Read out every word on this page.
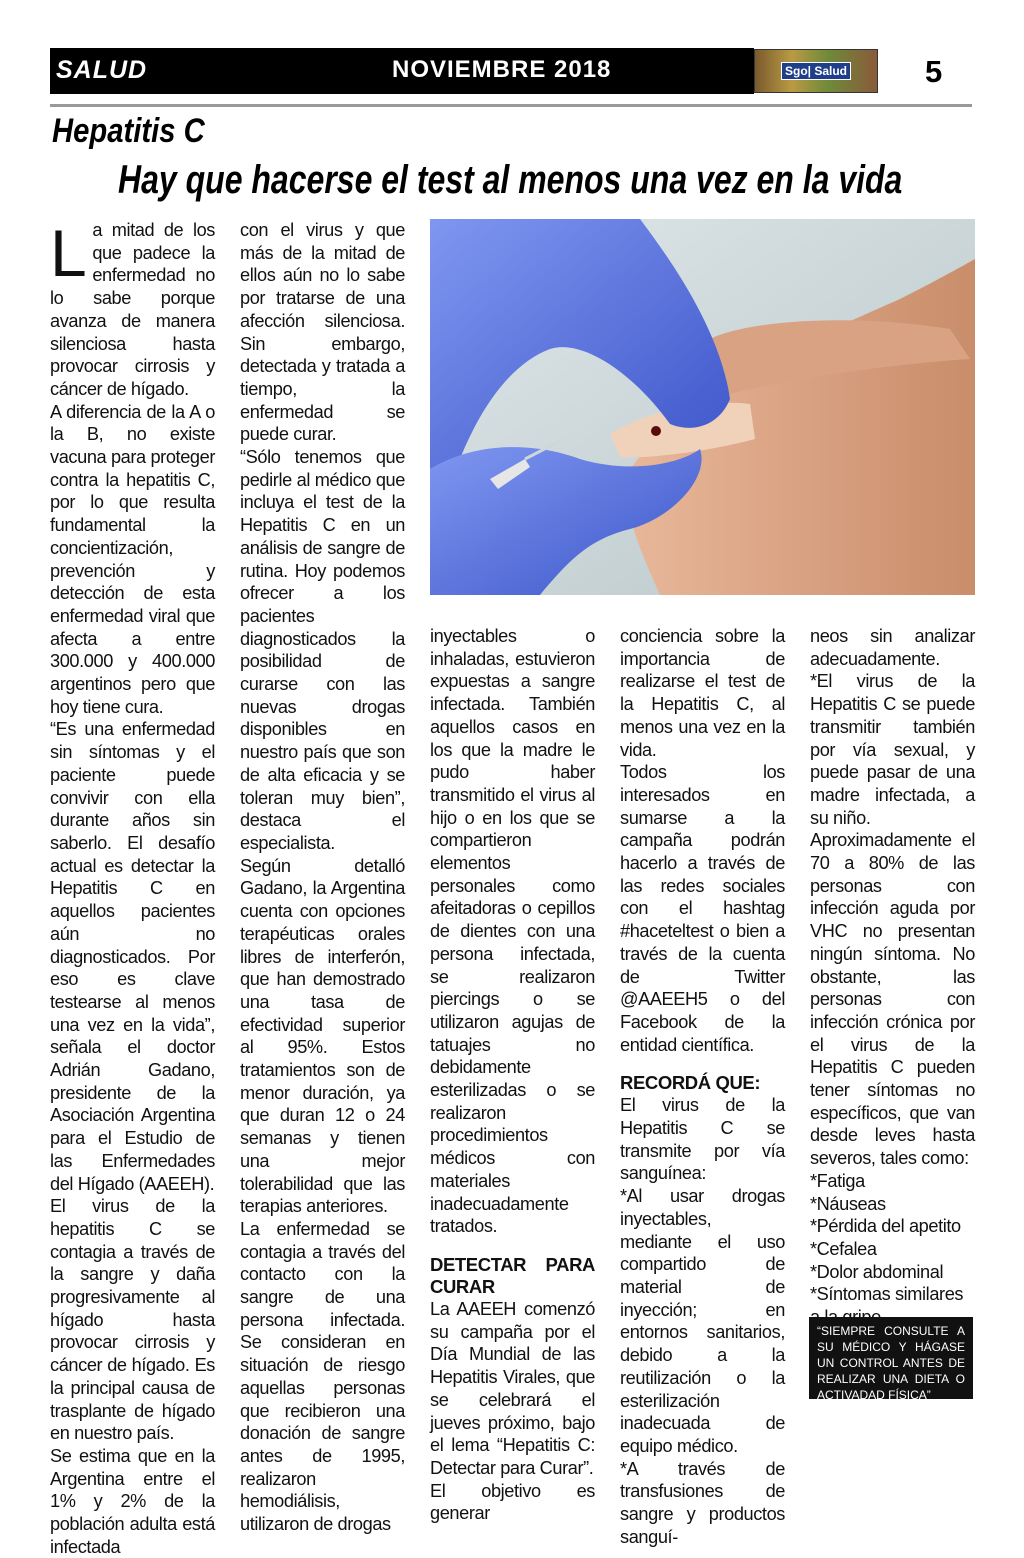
SALUD	NOVIEMBRE 2018	Sgo| Salud	5
Hepatitis C
Hay que hacerse el test al menos una vez en la vida
L a mitad de los que padece la enfermedad no lo sabe porque avanza de manera silenciosa hasta provocar cirrosis y cáncer de hígado.

A diferencia de la A o la B, no existe vacuna para proteger contra la hepatitis C, por lo que resulta fundamental la concientización, prevención y detección de esta enfermedad viral que afecta a entre 300.000 y 400.000 argentinos pero que hoy tiene cura.

“Es una enfermedad sin síntomas y el paciente puede convivir con ella durante años sin saberlo. El desafío actual es detectar la Hepatitis C en aquellos pacientes aún no diagnosticados. Por eso es clave testearse al menos una vez en la vida”, señala el doctor Adrián Gadano, presidente de la Asociación Argentina para el Estudio de las Enfermedades del Hígado (AAEEH).

El virus de la hepatitis C se contagia a través de la sangre y daña progresivamente al hígado hasta provocar cirrosis y cáncer de hígado. Es la principal causa de trasplante de hígado en nuestro país.

Se estima que en la Argentina entre el 1% y 2% de la población adulta está infectada

con el virus y que más de la mitad de ellos aún no lo sabe por tratarse de una afección silenciosa. Sin embargo, detectada y tratada a tiempo, la enfermedad se puede curar.

“Sólo tenemos que pedirle al médico que incluya el test de la Hepatitis C en un análisis de sangre de rutina. Hoy podemos ofrecer a los pacientes diagnosticados la posibilidad de curarse con las nuevas drogas disponibles en nuestro país que son de alta eficacia y se toleran muy bien”, destaca el especialista.

Según detalló Gadano, la Argentina cuenta con opciones terapéuticas orales libres de interferón, que han demostrado una tasa de efectividad superior al 95%. Estos tratamientos son de menor duración, ya que duran 12 o 24 semanas y tienen una mejor tolerabilidad que las terapias anteriores.

La enfermedad se contagia a través del contacto con la sangre de una persona infectada. Se consideran en situación de riesgo aquellas personas que recibieron una donación de sangre antes de 1995, realizaron hemodiálisis, utilizaron de drogas

inyectables o inhaladas, estuvieron expuestas a sangre infectada. También aquellos casos en los que la madre le pudo haber transmitido el virus al hijo o en los que se compartieron elementos personales como afeitadoras o cepillos de dientes con una persona infectada, se realizaron piercings o se utilizaron agujas de tatuajes no debidamente esterilizadas o se realizaron procedimientos médicos con materiales inadecuadamente tratados.

DETECTAR PARA CURAR

La AAEEH comenzó su campaña por el Día Mundial de las Hepatitis Virales, que se celebrará el jueves próximo, bajo el lema “Hepatitis C: Detectar para Curar”.

El objetivo es generar

conciencia sobre la importancia de realizarse el test de la Hepatitis C, al menos una vez en la vida.

Todos los interesados en sumarse a la campaña podrán hacerlo a través de las redes sociales con el hashtag #haceteltest o bien a través de la cuenta de Twitter @AAEEH5 o del Facebook de la entidad científica.

RECORDÁ QUE:

El virus de la Hepatitis C se transmite por vía sanguínea:

*Al usar drogas inyectables, mediante el uso compartido de material de inyección; en entornos sanitarios, debido a la reutilización o la esterilización inadecuada de equipo médico.

*A través de transfusiones de sangre y productos sanguí-

neos sin analizar adecuadamente.

*El virus de la Hepatitis C se puede transmitir también por vía sexual, y puede pasar de una madre infectada, a su niño.

Aproximadamente el 70 a 80% de las personas con infección aguda por VHC no presentan ningún síntoma. No obstante, las personas con infección crónica por el virus de la Hepatitis C pueden tener síntomas no específicos, que van desde leves hasta severos, tales como:

*Fatiga
*Náuseas
*Pérdida del apetito
*Cefalea
*Dolor abdominal
*Síntomas similares
“SIEMPRE CONSULTE A SU MÉDICO Y HÁGASE UN CONTROL ANTES DE REALIZAR UNA DIETA O ACTIVADAD FÍSICA”
